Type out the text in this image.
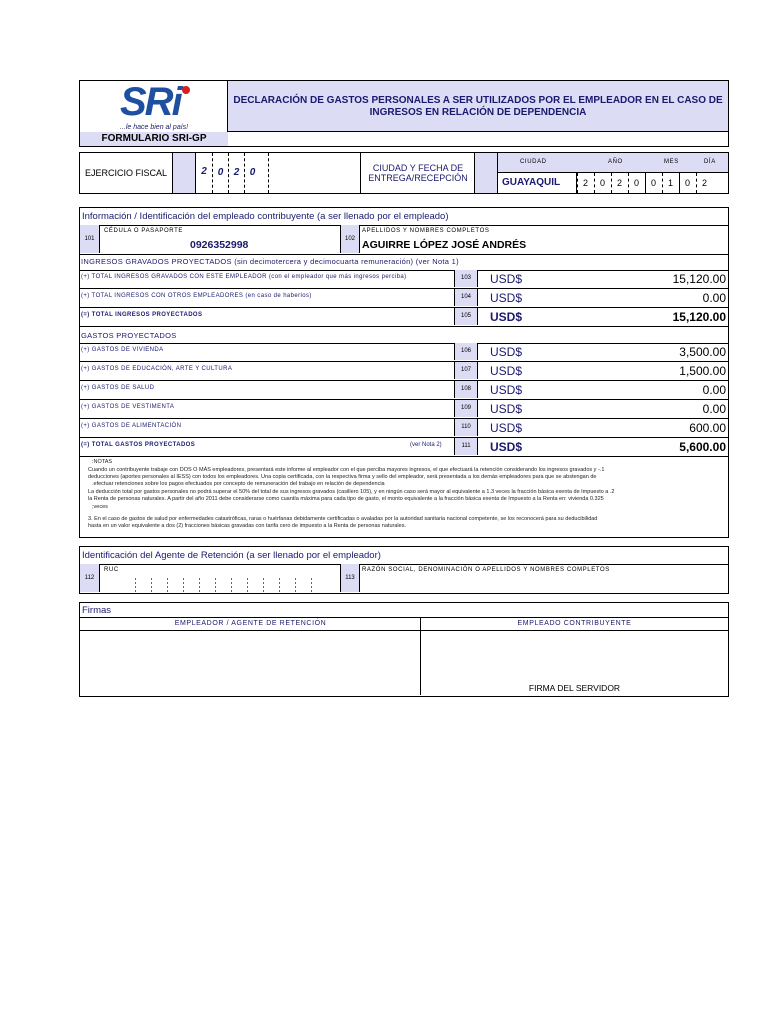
SRi
...le hace bien al país!
FORMULARIO SRI-GP
DECLARACIÓN DE GASTOS PERSONALES A SER UTILIZADOS POR EL EMPLEADOR EN EL CASO DE INGRESOS EN RELACIÓN DE DEPENDENCIA
EJERCICIO FISCAL	2	0	2	0	CIUDAD Y FECHA DE ENTREGA/RECEPCIÓN
CIUDAD	AÑO	MES	DÍA
GUAYAQUIL	2	0	2	0	0	1	0	2
Información / Identificación del empleado contribuyente (a ser llenado por el empleado)
101
CÉDULA O PASAPORTE
0926352998	102
APELLIDOS Y NOMBRES COMPLETOS
AGUIRRE LÓPEZ JOSÉ ANDRÉS
INGRESOS GRAVADOS PROYECTADOS (sin decimotercera y decimocuarta remuneración) (ver Nota 1)
(+) TOTAL INGRESOS GRAVADOS CON ESTE EMPLEADOR (con el empleador que más ingresos perciba)	103	USD$	15,120.00
(+) TOTAL INGRESOS CON OTROS EMPLEADORES (en caso de haberlos)	104	USD$	0.00
(=) TOTAL INGRESOS PROYECTADOS	105	USD$	15,120.00
GASTOS PROYECTADOS
(+) GASTOS DE VIVIENDA	106	USD$	3,500.00
(+) GASTOS DE EDUCACIÓN, ARTE Y CULTURA	107	USD$	1,500.00
(+) GASTOS DE SALUD	108	USD$	0.00
(+) GASTOS DE VESTIMENTA	109	USD$	0.00
(+) GASTOS DE ALIMENTACIÓN	110	USD$	600.00
(=) TOTAL GASTOS PROYECTADOS	(ver Nota 2)	111	USD$	5,600.00
:NOTAS
Cuando un contribuyente trabaje con DOS O MÁS empleadores, presentará este informe al empleador con el que perciba mayores ingresos, el que efectuará la retención considerando los ingresos gravados y -.1
deducciones (aportes personales al IESS) con todos los empleadores. Una copia certificada, con la respectiva firma y sello del empleador, será presentada a los demás empleadores para que se abstengan de
.efectuar retenciones sobre los pagos efectuados por concepto de remuneración del trabajo en relación de dependencia
La deducción total por gastos personales no podrá superar el 50% del total de sus ingresos gravados (casillero 105), y en ningún caso será mayor al equivalente a 1.3 veces la fracción básica exenta de Impuesto a .2
la Renta de personas naturales. A partir del año 2011 debe considerarse como cuantía máxima para cada tipo de gasto, el monto equivalente a la fracción básica exenta de Impuesto a la Renta en: vivienda 0.325
;veces
3. En el caso de gastos de salud por enfermedades catastróficas, raras o huérfanas debidamente certificadas o avaladas por la autoridad sanitaria nacional competente, se los reconocerá para su deducibilidad
hasta en un valor equivalente a dos (2) fracciones básicas gravadas con tarifa cero de impuesto a la Renta de personas naturales.
Identificación del Agente de Retención (a ser llenado por el empleador)
112
RUC
113
RAZÓN SOCIAL, DENOMINACIÓN O APELLIDOS Y NOMBRES COMPLETOS
Firmas
EMPLEADOR / AGENTE DE RETENCIÓN	EMPLEADO CONTRIBUYENTE
FIRMA DEL SERVIDOR
